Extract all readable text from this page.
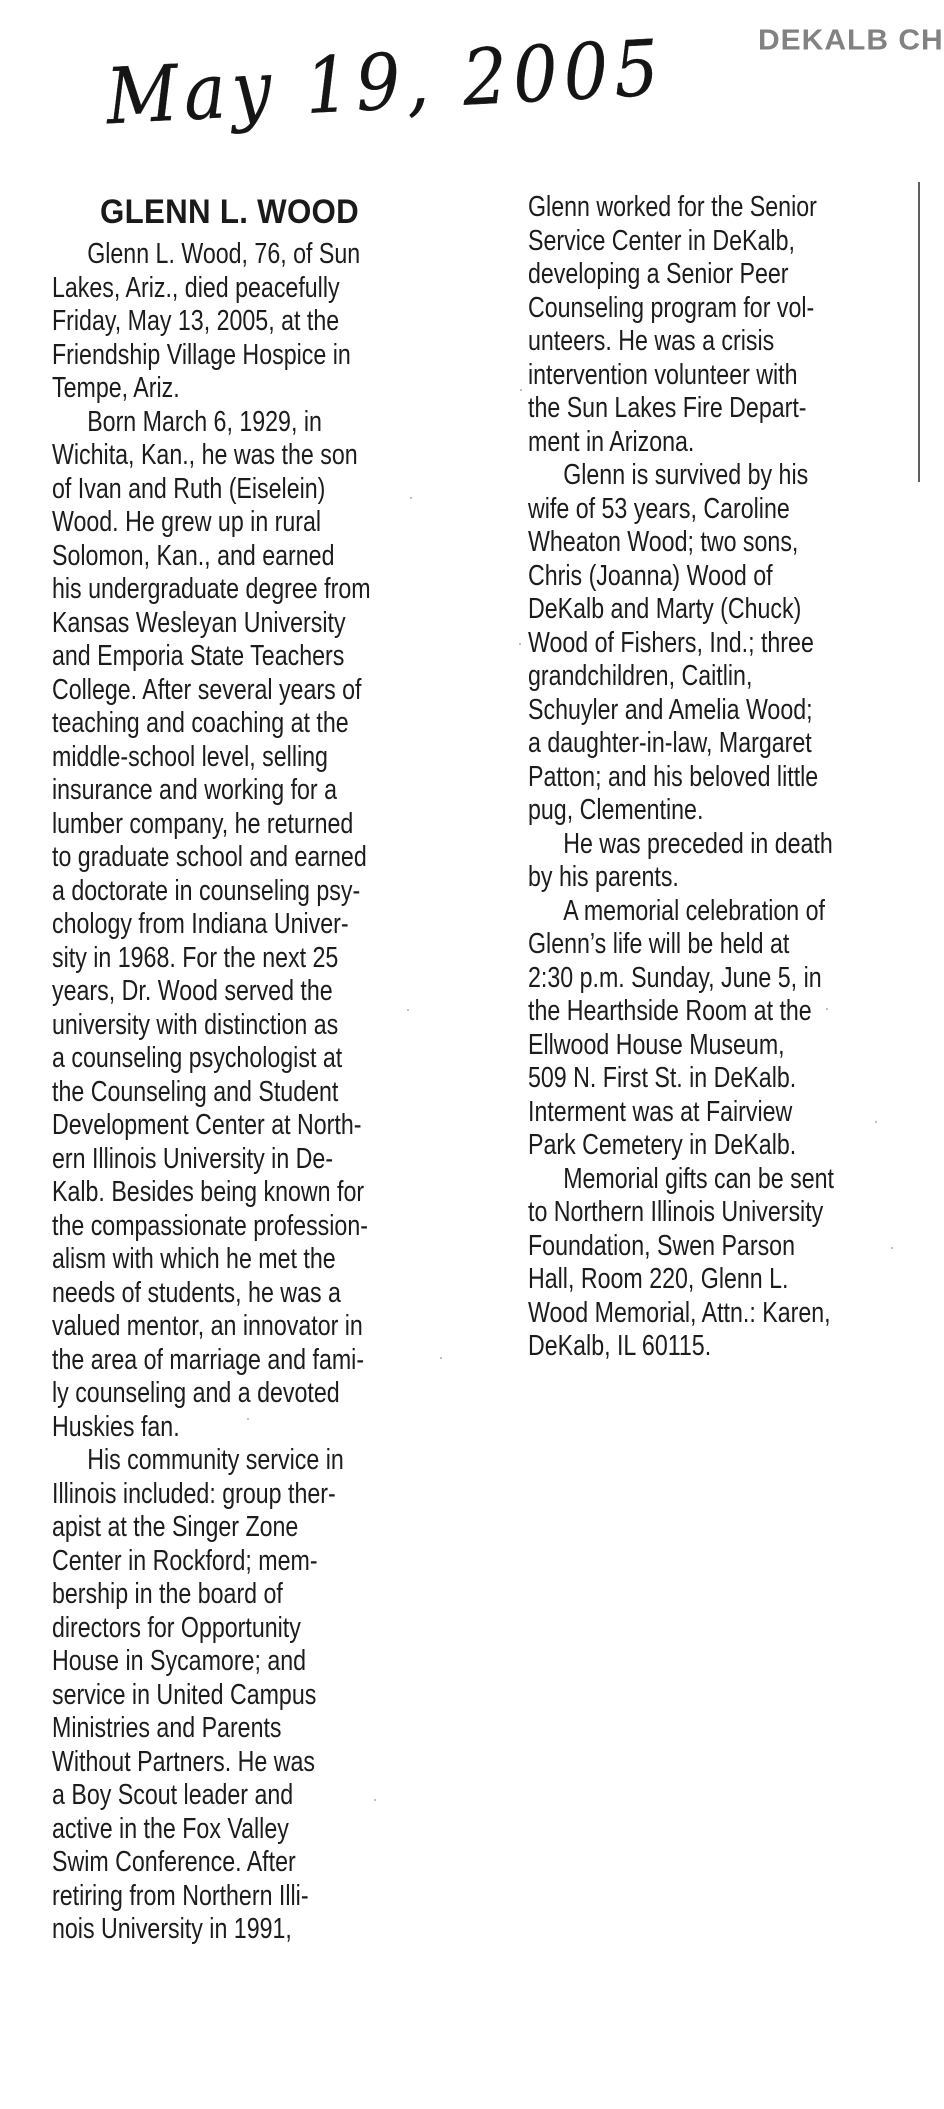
May 19, 2005	DEKALB CH
GLENN L. WOOD
Glenn L. Wood, 76, of Sun
Lakes, Ariz., died peacefully
Friday, May 13, 2005, at the
Friendship Village Hospice in
Tempe, Ariz.
Born March 6, 1929, in
Wichita, Kan., he was the son
of Ivan and Ruth (Eiselein)
Wood. He grew up in rural
Solomon, Kan., and earned
his undergraduate degree from
Kansas Wesleyan University
and Emporia State Teachers
College. After several years of
teaching and coaching at the
middle-school level, selling
insurance and working for a
lumber company, he returned
to graduate school and earned
a doctorate in counseling psy-
chology from Indiana Univer-
sity in 1968. For the next 25
years, Dr. Wood served the
university with distinction as
a counseling psychologist at
the Counseling and Student
Development Center at North-
ern Illinois University in De-
Kalb. Besides being known for
the compassionate profession-
alism with which he met the
needs of students, he was a
valued mentor, an innovator in
the area of marriage and fami-
ly counseling and a devoted
Huskies fan.
His community service in
Illinois included: group ther-
apist at the Singer Zone
Center in Rockford; mem-
bership in the board of
directors for Opportunity
House in Sycamore; and
service in United Campus
Ministries and Parents
Without Partners. He was
a Boy Scout leader and
active in the Fox Valley
Swim Conference. After
retiring from Northern Illi-
nois University in 1991,
Glenn worked for the Senior
Service Center in DeKalb,
developing a Senior Peer
Counseling program for vol-
unteers. He was a crisis
intervention volunteer with
the Sun Lakes Fire Depart-
ment in Arizona.
Glenn is survived by his
wife of 53 years, Caroline
Wheaton Wood; two sons,
Chris (Joanna) Wood of
DeKalb and Marty (Chuck)
Wood of Fishers, Ind.; three
grandchildren, Caitlin,
Schuyler and Amelia Wood;
a daughter-in-law, Margaret
Patton; and his beloved little
pug, Clementine.
He was preceded in death
by his parents.
A memorial celebration of
Glenn’s life will be held at
2:30 p.m. Sunday, June 5, in
the Hearthside Room at the
Ellwood House Museum,
509 N. First St. in DeKalb.
Interment was at Fairview
Park Cemetery in DeKalb.
Memorial gifts can be sent
to Northern Illinois University
Foundation, Swen Parson
Hall, Room 220, Glenn L.
Wood Memorial, Attn.: Karen,
DeKalb, IL 60115.
